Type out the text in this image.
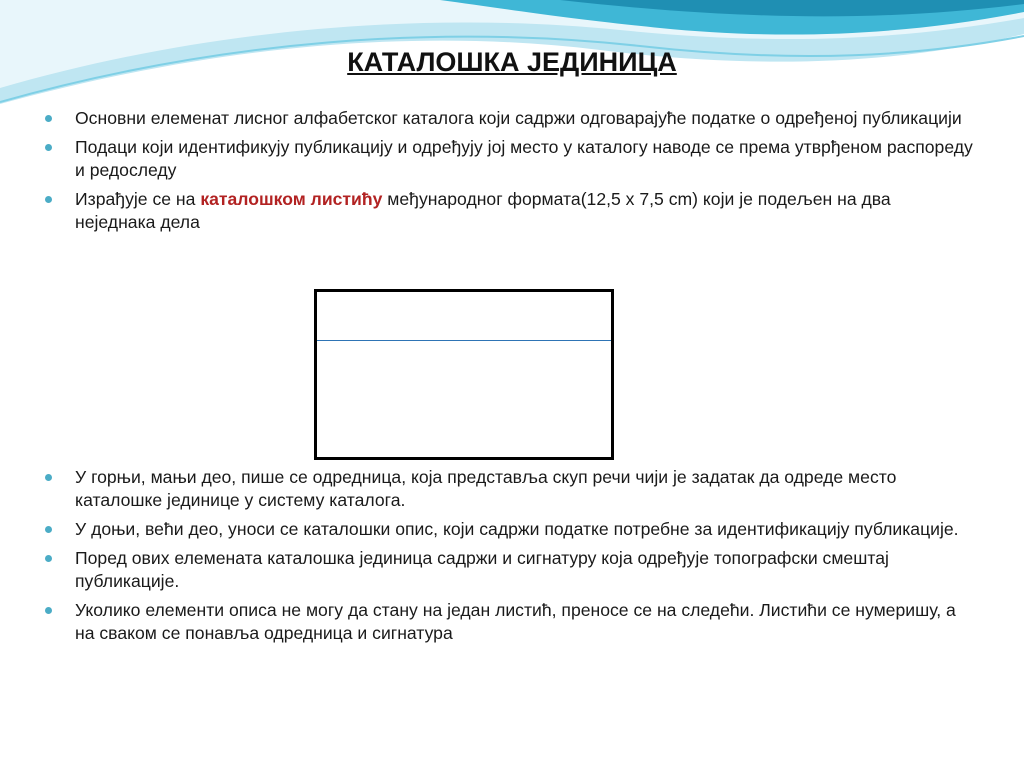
КАТАЛОШКА ЈЕДИНИЦА
Основни елеменат лисног алфабетског каталога који садржи одговарајуће податке о одређеној публикацији
Подаци који идентификују публикацију и одређују јој место у каталогу наводе се према утврђеном распореду и редоследу
Израђује се на каталошком листићу међународног формата(12,5 х 7,5 cm) који је подељен на два неједнака дела
У горњи, мањи део, пише се одредница, која представља скуп речи чији је задатак да одреде место каталошке јединице у систему каталога.
У доњи, већи део, уноси се каталошки опис, који садржи податке потребне за идентификацију публикације.
Поред ових елемената каталошка јединица садржи и сигнатуру која одређује топографски смештај публикације.
Уколико елементи описа не могу да стану на један листић, преносе се на следећи. Листићи се нумеришу, а на сваком се понавља одредница и сигнатура
